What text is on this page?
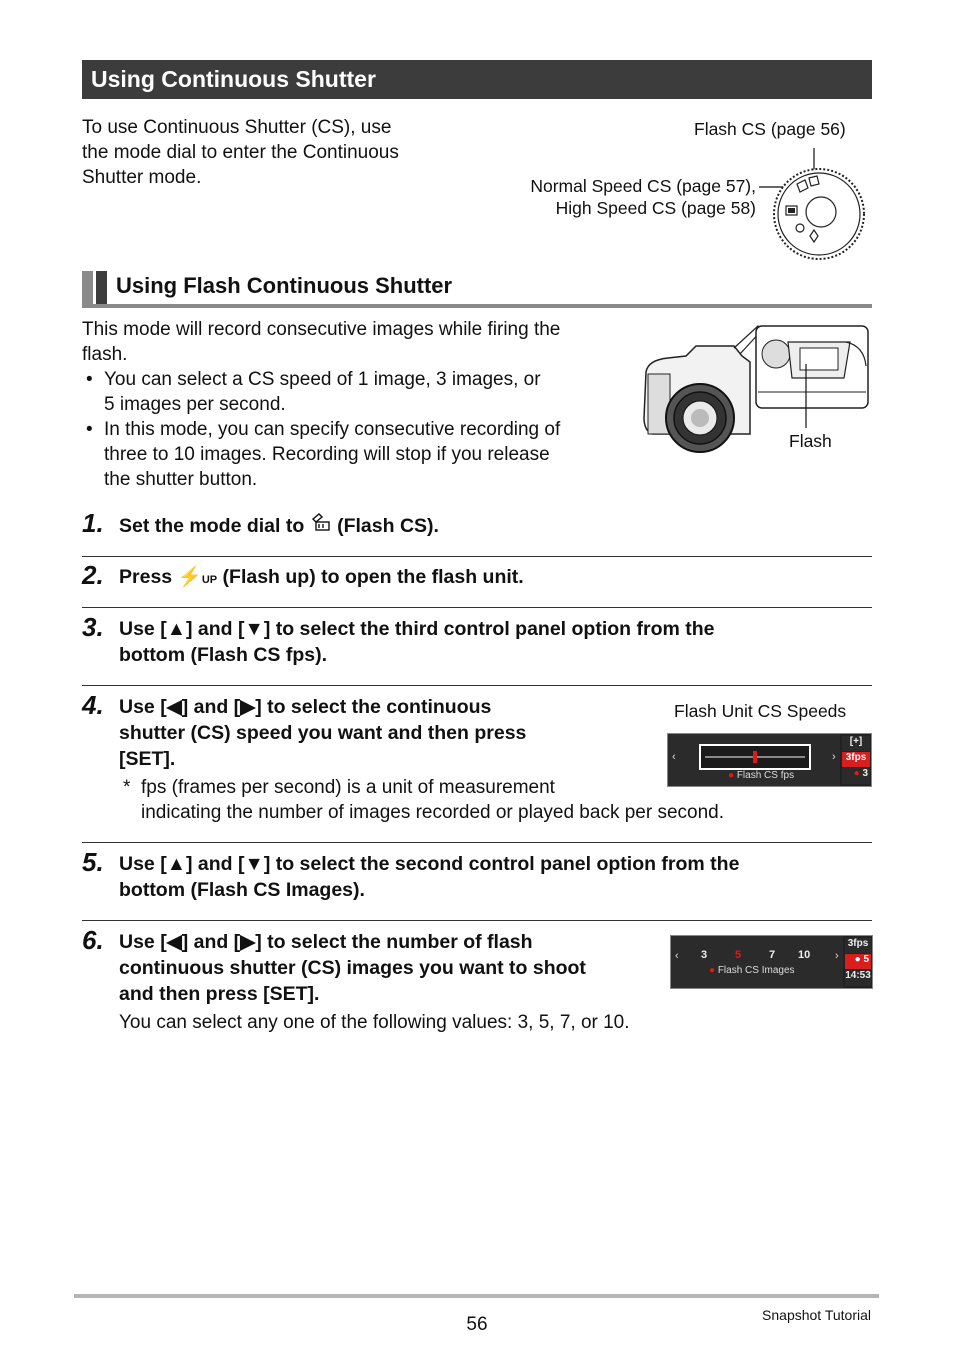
Using Continuous Shutter
To use Continuous Shutter (CS), use
the mode dial to enter the Continuous
Shutter mode.
Flash CS (page 56)
Normal Speed CS (page 57),
High Speed CS (page 58)
Using Flash Continuous Shutter
This mode will record consecutive images while firing the
flash.
• You can select a CS speed of 1 image, 3 images, or
5 images per second.
• In this mode, you can specify consecutive recording of
three to 10 images. Recording will stop if you release
the shutter button.
Flash
1. Set the mode dial to  (Flash CS).
2. Press ⚡UP (Flash up) to open the flash unit.
3. Use [▲] and [▼] to select the third control panel option from the
bottom (Flash CS fps).
4. Use [◀] and [▶] to select the continuous
shutter (CS) speed you want and then press
[SET].
* fps (frames per second) is a unit of measurement
indicating the number of images recorded or played back per second.
Flash Unit CS Speeds
‹	›
● Flash CS fps
[+]
3fps
● 3
5. Use [▲] and [▼] to select the second control panel option from the
bottom (Flash CS Images).
6. Use [◀] and [▶] to select the number of flash
continuous shutter (CS) images you want to shoot
and then press [SET].
You can select any one of the following values: 3, 5, 7, or 10.
‹	›
3	5	7 10
● Flash CS Images
3fps
● 5
14:53
56	Snapshot Tutorial
